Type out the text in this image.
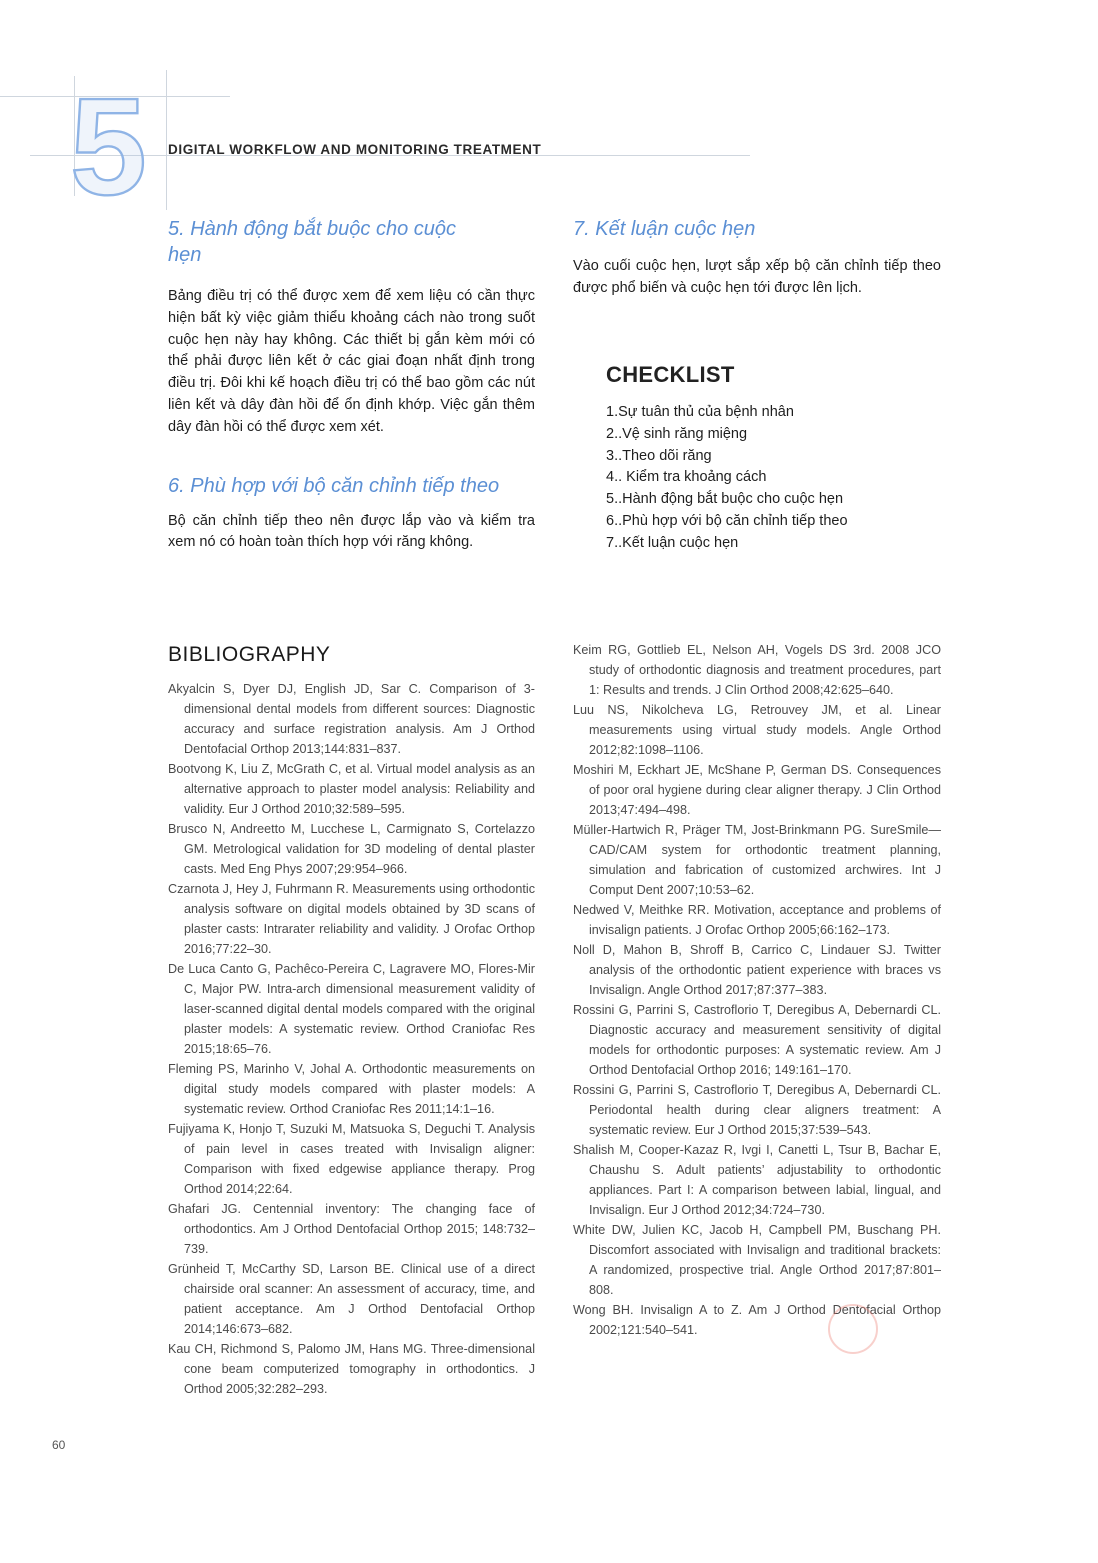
5 DIGITAL WORKFLOW AND MONITORING TREATMENT
5. Hành động bắt buộc cho cuộc hẹn

Bảng điều trị có thể được xem để xem liệu có cần thực hiện bất kỳ việc giảm thiểu khoảng cách nào trong suốt cuộc hẹn này hay không. Các thiết bị gắn kèm mới có thể phải được liên kết ở các giai đoạn nhất định trong điều trị. Đôi khi kế hoạch điều trị có thể bao gồm các nút liên kết và dây đàn hồi để ổn định khớp. Việc gắn thêm dây đàn hồi có thể được xem xét.

6. Phù hợp với bộ căn chỉnh tiếp theo

Bộ căn chỉnh tiếp theo nên được lắp vào và kiểm tra xem nó có hoàn toàn thích hợp với răng không.

7. Kết luận cuộc hẹn

Vào cuối cuộc hẹn, lượt sắp xếp bộ căn chỉnh tiếp theo được phổ biến và cuộc hẹn tới được lên lịch.

CHECKLIST
1.Sự tuân thủ của bệnh nhân
2..Vệ sinh răng miệng
3..Theo dõi răng
4.. Kiểm tra khoảng cách
5..Hành động bắt buộc cho cuộc hẹn
6..Phù hợp với bộ căn chỉnh tiếp theo
7..Kết luận cuộc hẹn
BIBLIOGRAPHY

Akyalcin S, Dyer DJ, English JD, Sar C. Comparison of 3-dimensional dental models from different sources: Diagnostic accuracy and surface registration analysis. Am J Orthod Dentofacial Orthop 2013;144:831–837.

Bootvong K, Liu Z, McGrath C, et al. Virtual model analysis as an alternative approach to plaster model analysis: Reliability and validity. Eur J Orthod 2010;32:589–595.

Brusco N, Andreetto M, Lucchese L, Carmignato S, Cortelazzo GM. Metrological validation for 3D modeling of dental plaster casts. Med Eng Phys 2007;29:954–966.

Czarnota J, Hey J, Fuhrmann R. Measurements using orthodontic analysis software on digital models obtained by 3D scans of plaster casts: Intrarater reliability and validity. J Orofac Orthop 2016;77:22–30.

De Luca Canto G, Pachêco-Pereira C, Lagravere MO, Flores-Mir C, Major PW. Intra-arch dimensional measurement validity of laser-scanned digital dental models compared with the original plaster models: A systematic review. Orthod Craniofac Res 2015;18:65–76.

Fleming PS, Marinho V, Johal A. Orthodontic measurements on digital study models compared with plaster models: A systematic review. Orthod Craniofac Res 2011;14:1–16.

Fujiyama K, Honjo T, Suzuki M, Matsuoka S, Deguchi T. Analysis of pain level in cases treated with Invisalign aligner: Comparison with fixed edgewise appliance therapy. Prog Orthod 2014;22:64.

Ghafari JG. Centennial inventory: The changing face of orthodontics. Am J Orthod Dentofacial Orthop 2015; 148:732–739.

Grünheid T, McCarthy SD, Larson BE. Clinical use of a direct chairside oral scanner: An assessment of accuracy, time, and patient acceptance. Am J Orthod Dentofacial Orthop 2014;146:673–682.

Kau CH, Richmond S, Palomo JM, Hans MG. Three-dimensional cone beam computerized tomography in orthodontics. J Orthod 2005;32:282–293.

Keim RG, Gottlieb EL, Nelson AH, Vogels DS 3rd. 2008 JCO study of orthodontic diagnosis and treatment procedures, part 1: Results and trends. J Clin Orthod 2008;42:625–640.

Luu NS, Nikolcheva LG, Retrouvey JM, et al. Linear measurements using virtual study models. Angle Orthod 2012;82:1098–1106.

Moshiri M, Eckhart JE, McShane P, German DS. Consequences of poor oral hygiene during clear aligner therapy. J Clin Orthod 2013;47:494–498.

Müller-Hartwich R, Präger TM, Jost-Brinkmann PG. SureSmile—CAD/CAM system for orthodontic treatment planning, simulation and fabrication of customized archwires. Int J Comput Dent 2007;10:53–62.

Nedwed V, Meithke RR. Motivation, acceptance and problems of invisalign patients. J Orofac Orthop 2005;66:162–173.

Noll D, Mahon B, Shroff B, Carrico C, Lindauer SJ. Twitter analysis of the orthodontic patient experience with braces vs Invisalign. Angle Orthod 2017;87:377–383.

Rossini G, Parrini S, Castroflorio T, Deregibus A, Debernardi CL. Diagnostic accuracy and measurement sensitivity of digital models for orthodontic purposes: A systematic review. Am J Orthod Dentofacial Orthop 2016; 149:161–170.

Rossini G, Parrini S, Castroflorio T, Deregibus A, Debernardi CL. Periodontal health during clear aligners treatment: A systematic review. Eur J Orthod 2015;37:539–543.

Shalish M, Cooper-Kazaz R, Ivgi I, Canetti L, Tsur B, Bachar E, Chaushu S. Adult patients’ adjustability to orthodontic appliances. Part I: A comparison between labial, lingual, and Invisalign. Eur J Orthod 2012;34:724–730.

White DW, Julien KC, Jacob H, Campbell PM, Buschang PH. Discomfort associated with Invisalign and traditional brackets: A randomized, prospective trial. Angle Orthod 2017;87:801–808.

Wong BH. Invisalign A to Z. Am J Orthod Dentofacial Orthop 2002;121:540–541.

60
